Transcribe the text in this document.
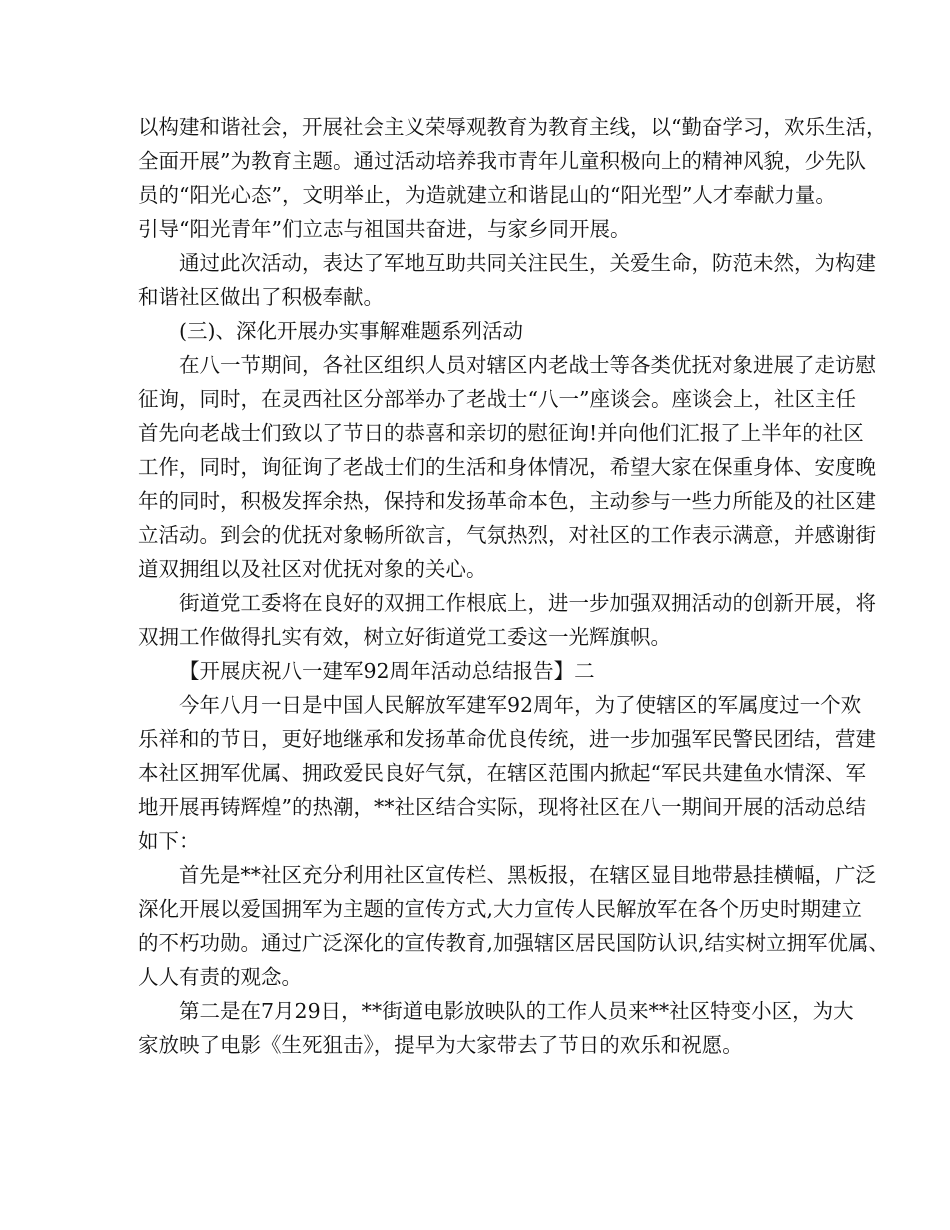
以构建和谐社会，开展社会主义荣辱观教育为教育主线，以“勤奋学习，欢乐生活，
全面开展”为教育主题。通过活动培养我市青年儿童积极向上的精神风貌，少先队
员的“阳光心态”，文明举止，为造就建立和谐昆山的“阳光型”人才奉献力量。
引导“阳光青年”们立志与祖国共奋进，与家乡同开展。
通过此次活动，表达了军地互助共同关注民生，关爱生命，防范未然，为构建
和谐社区做出了积极奉献。
(三)、深化开展办实事解难题系列活动
在八一节期间，各社区组织人员对辖区内老战士等各类优抚对象进展了走访慰
征询，同时，在灵西社区分部举办了老战士“八一”座谈会。座谈会上，社区主任
首先向老战士们致以了节日的恭喜和亲切的慰征询!并向他们汇报了上半年的社区
工作，同时，询征询了老战士们的生活和身体情况，希望大家在保重身体、安度晚
年的同时，积极发挥余热，保持和发扬革命本色，主动参与一些力所能及的社区建
立活动。到会的优抚对象畅所欲言，气氛热烈，对社区的工作表示满意，并感谢街
道双拥组以及社区对优抚对象的关心。
街道党工委将在良好的双拥工作根底上，进一步加强双拥活动的创新开展，将
双拥工作做得扎实有效，树立好街道党工委这一光辉旗帜。
【开展庆祝八一建军92周年活动总结报告】二
今年八月一日是中国人民解放军建军92周年，为了使辖区的军属度过一个欢
乐祥和的节日，更好地继承和发扬革命优良传统，进一步加强军民警民团结，营建
本社区拥军优属、拥政爱民良好气氛，在辖区范围内掀起“军民共建鱼水情深、军
地开展再铸辉煌”的热潮，**社区结合实际，现将社区在八一期间开展的活动总结
如下：
首先是**社区充分利用社区宣传栏、黑板报，在辖区显目地带悬挂横幅，广泛
深化开展以爱国拥军为主题的宣传方式,大力宣传人民解放军在各个历史时期建立
的不朽功勋。通过广泛深化的宣传教育,加强辖区居民国防认识,结实树立拥军优属、
人人有责的观念。
第二是在7月29日，**街道电影放映队的工作人员来**社区特变小区，为大
家放映了电影《生死狙击》，提早为大家带去了节日的欢乐和祝愿。
